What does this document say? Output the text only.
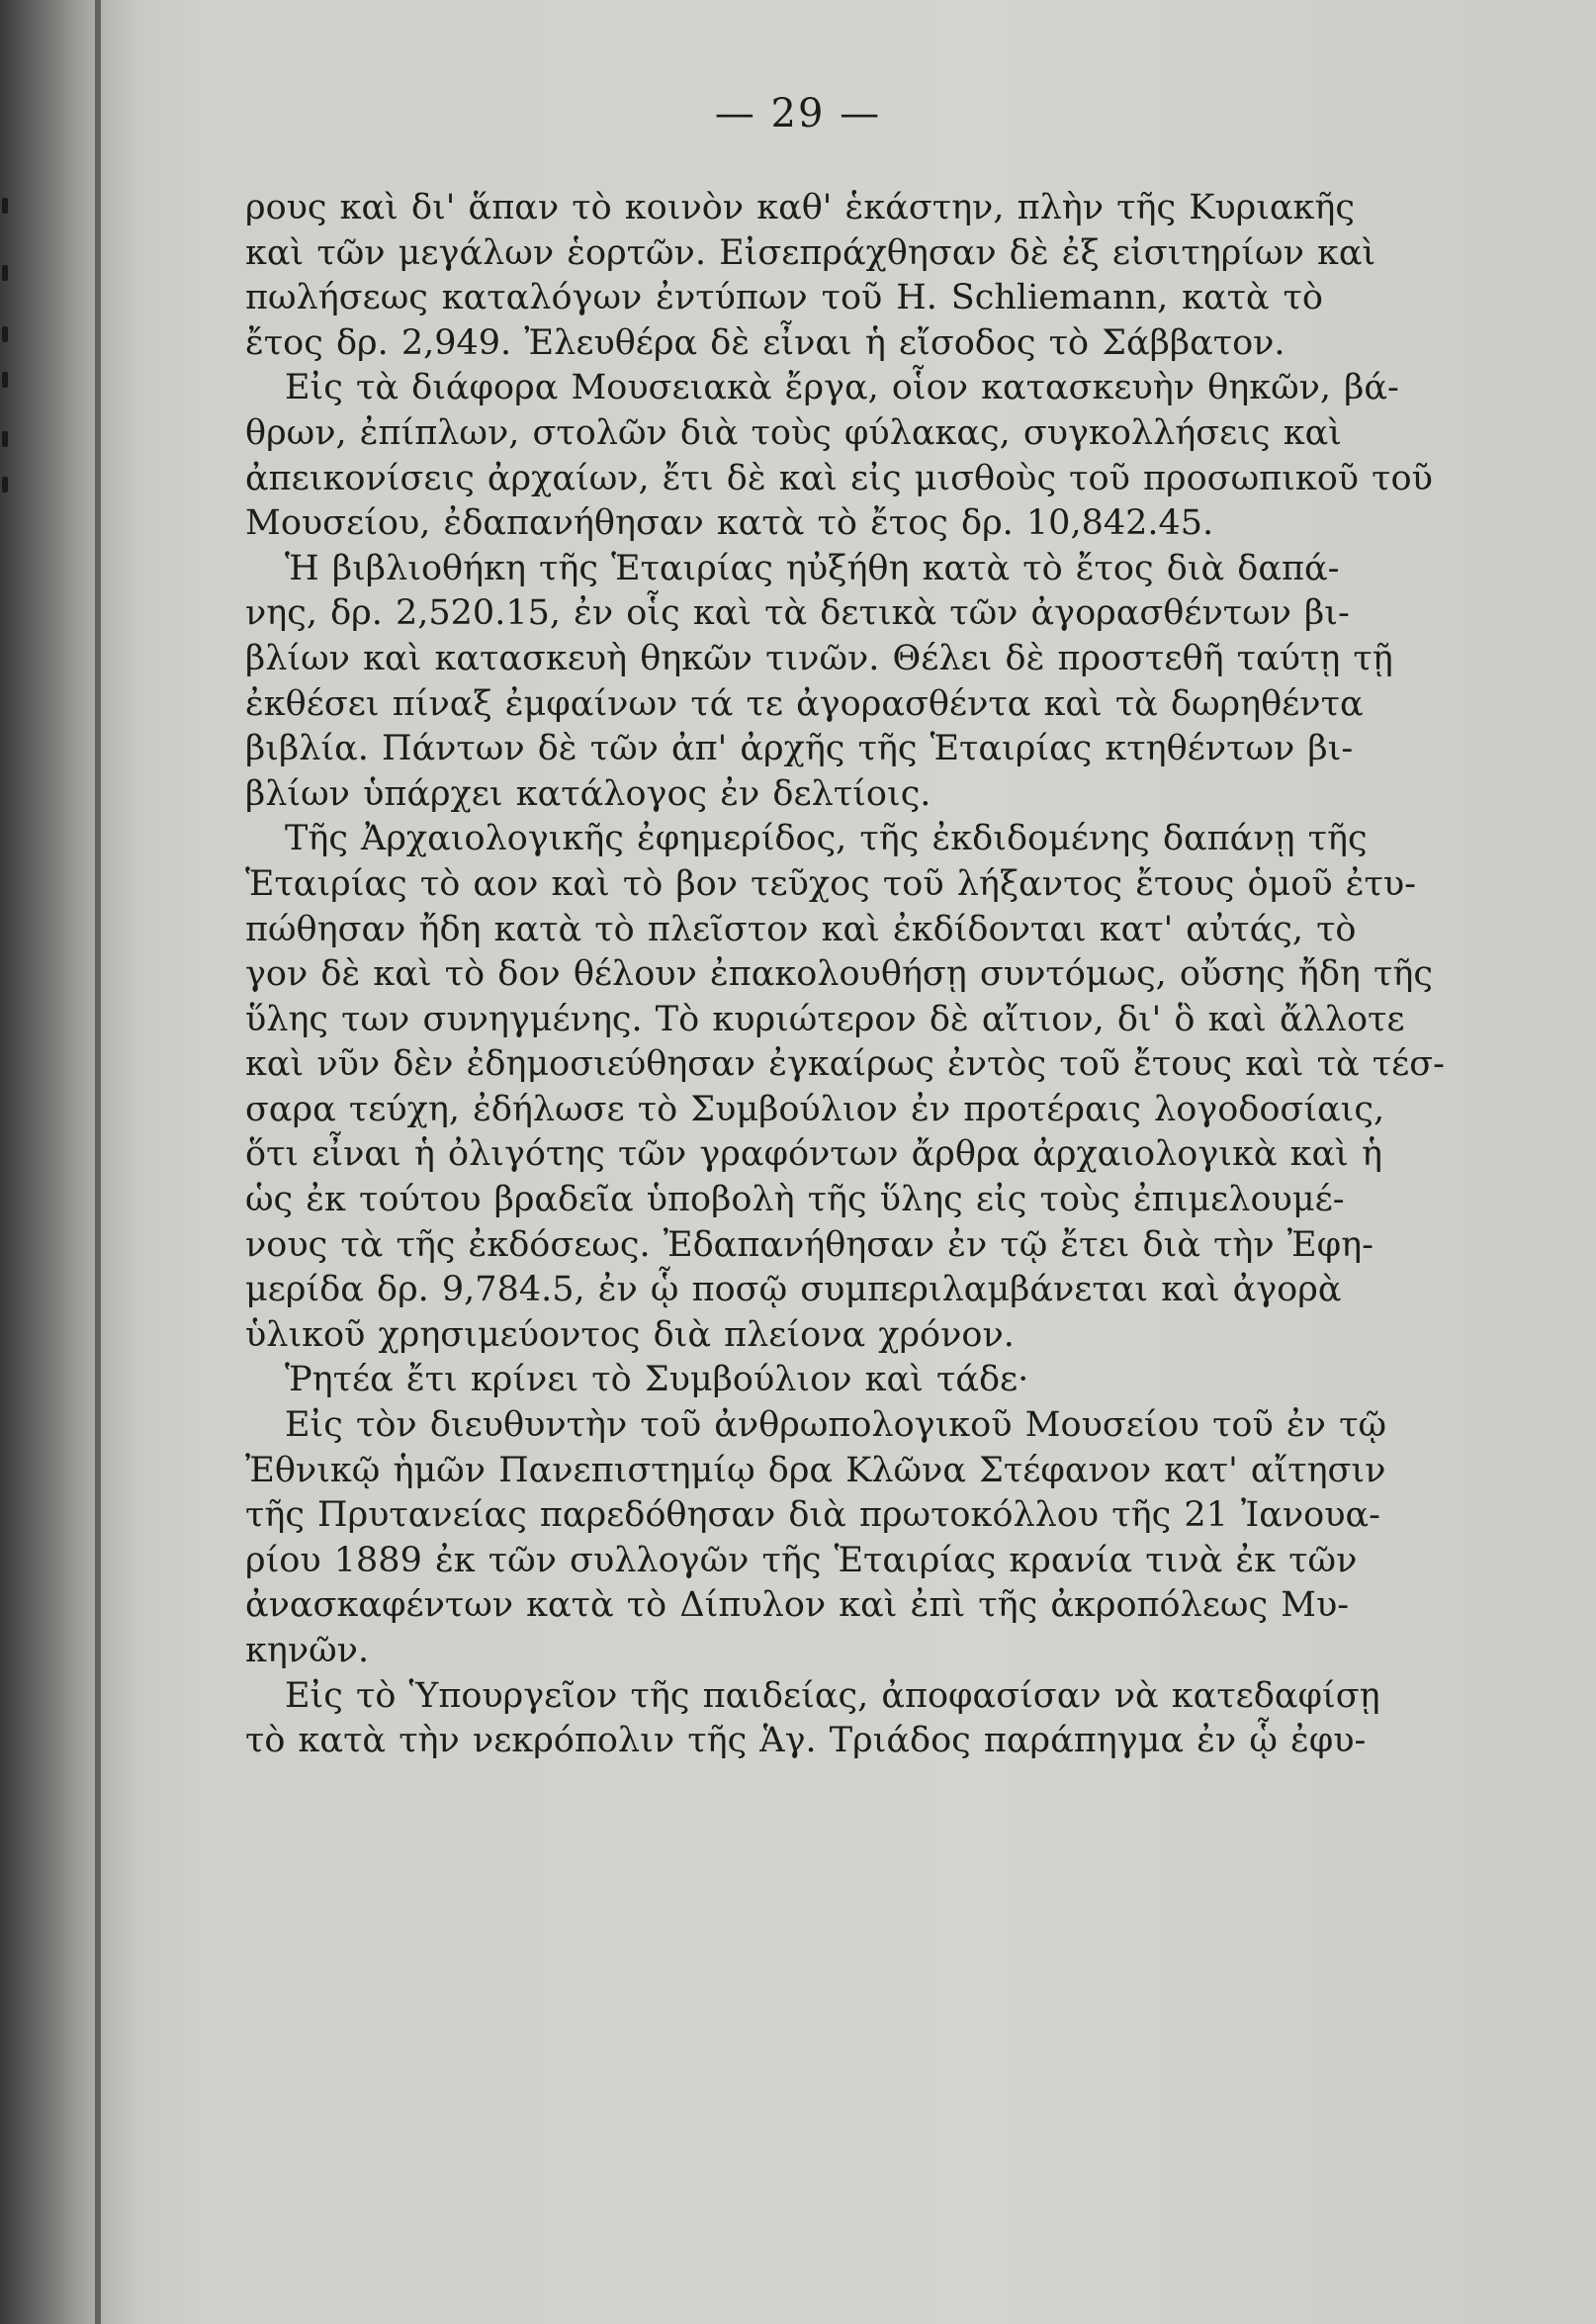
— 29 —
ρους καὶ δι' ἅπαν τὸ κοινὸν καθ' ἑκάστην, πλὴν τῆς Κυριακῆς
καὶ τῶν μεγάλων ἑορτῶν. Εἰσεπράχθησαν δὲ ἐξ εἰσιτηρίων καὶ
πωλήσεως καταλόγων ἐντύπων τοῦ Η. Schliemann, κατὰ τὸ
ἔτος δρ. 2,949. Ἐλευθέρα δὲ εἶναι ἡ εἴσοδος τὸ Σάββατον.
Εἰς τὰ διάφορα Μουσειακὰ ἔργα, οἷον κατασκευὴν θηκῶν, βά-
θρων, ἐπίπλων, στολῶν διὰ τοὺς φύλακας, συγκολλήσεις καὶ
ἀπεικονίσεις ἀρχαίων, ἔτι δὲ καὶ εἰς μισθοὺς τοῦ προσωπικοῦ τοῦ
Μουσείου, ἐδαπανήθησαν κατὰ τὸ ἔτος δρ. 10,842.45.
Ἡ βιβλιοθήκη τῆς Ἑταιρίας ηὐξήθη κατὰ τὸ ἔτος διὰ δαπά-
νης, δρ. 2,520.15, ἐν οἷς καὶ τὰ δετικὰ τῶν ἀγορασθέντων βι-
βλίων καὶ κατασκευὴ θηκῶν τινῶν. Θέλει δὲ προστεθῆ ταύτῃ τῇ
ἐκθέσει πίναξ ἐμφαίνων τά τε ἀγορασθέντα καὶ τὰ δωρηθέντα
βιβλία. Πάντων δὲ τῶν ἀπ' ἀρχῆς τῆς Ἑταιρίας κτηθέντων βι-
βλίων ὑπάρχει κατάλογος ἐν δελτίοις.
Τῆς Ἀρχαιολογικῆς ἐφημερίδος, τῆς ἐκδιδομένης δαπάνῃ τῆς
Ἑταιρίας τὸ αον καὶ τὸ βον τεῦχος τοῦ λήξαντος ἔτους ὁμοῦ ἐτυ-
πώθησαν ἤδη κατὰ τὸ πλεῖστον καὶ ἐκδίδονται κατ' αὐτάς, τὸ
γον δὲ καὶ τὸ δον θέλουν ἐπακολουθήσῃ συντόμως, οὔσης ἤδη τῆς
ὕλης των συνηγμένης. Τὸ κυριώτερον δὲ αἴτιον, δι' ὃ καὶ ἄλλοτε
καὶ νῦν δὲν ἐδημοσιεύθησαν ἐγκαίρως ἐντὸς τοῦ ἔτους καὶ τὰ τέσ-
σαρα τεύχη, ἐδήλωσε τὸ Συμβούλιον ἐν προτέραις λογοδοσίαις,
ὅτι εἶναι ἡ ὀλιγότης τῶν γραφόντων ἄρθρα ἀρχαιολογικὰ καὶ ἡ
ὡς ἐκ τούτου βραδεῖα ὑποβολὴ τῆς ὕλης εἰς τοὺς ἐπιμελουμέ-
νους τὰ τῆς ἐκδόσεως. Ἐδαπανήθησαν ἐν τῷ ἔτει διὰ τὴν Ἐφη-
μερίδα δρ. 9,784.5, ἐν ᾧ ποσῷ συμπεριλαμβάνεται καὶ ἀγορὰ
ὑλικοῦ χρησιμεύοντος διὰ πλείονα χρόνον.
Ῥητέα ἔτι κρίνει τὸ Συμβούλιον καὶ τάδε·
Εἰς τὸν διευθυντὴν τοῦ ἀνθρωπολογικοῦ Μουσείου τοῦ ἐν τῷ
Ἐθνικῷ ἡμῶν Πανεπιστημίῳ δρα Κλῶνα Στέφανον κατ' αἴτησιν
τῆς Πρυτανείας παρεδόθησαν διὰ πρωτοκόλλου τῆς 21 Ἰανουα-
ρίου 1889 ἐκ τῶν συλλογῶν τῆς Ἑταιρίας κρανία τινὰ ἐκ τῶν
ἀνασκαφέντων κατὰ τὸ Δίπυλον καὶ ἐπὶ τῆς ἀκροπόλεως Μυ-
κηνῶν.
Εἰς τὸ Ὑπουργεῖον τῆς παιδείας, ἀποφασίσαν νὰ κατεδαφίσῃ
τὸ κατὰ τὴν νεκρόπολιν τῆς Ἁγ. Τριάδος παράπηγμα ἐν ᾧ ἐφυ-
